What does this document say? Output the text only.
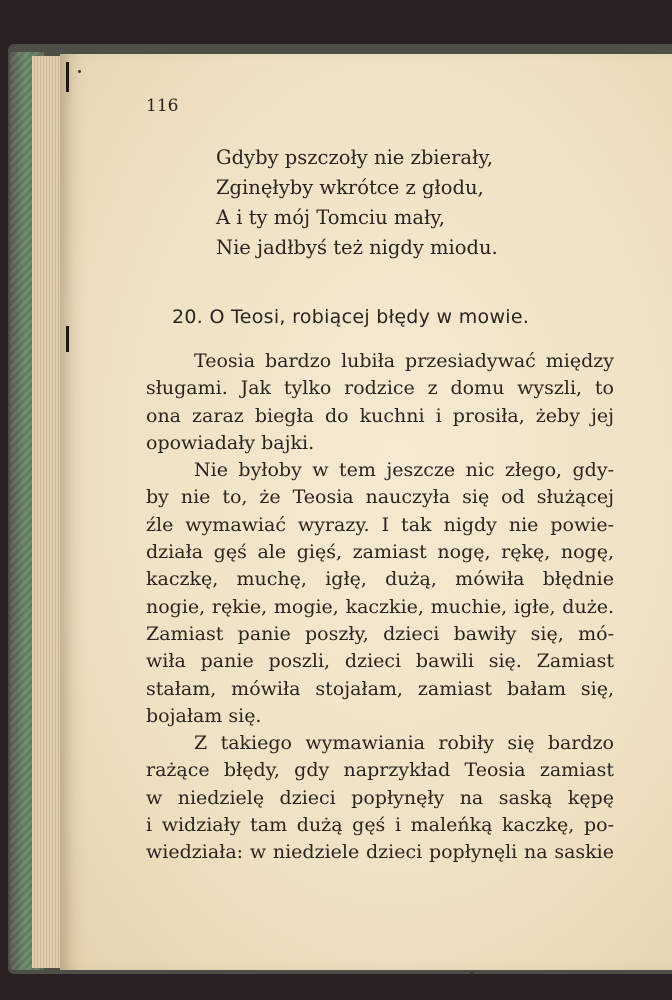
116
Gdyby pszczoły nie zbierały,
Zginęłyby wkrótce z głodu,
A i ty mój Tomciu mały,
Nie jadłbyś też nigdy miodu.
20. O Teosi, robiącej błędy w mowie.
Teosia bardzo lubiła przesiadywać między
sługami. Jak tylko rodzice z domu wyszli, to
ona zaraz biegła do kuchni i prosiła, żeby jej
opowiadały bajki.
Nie byłoby w tem jeszcze nic złego, gdy-
by nie to, że Teosia nauczyła się od służącej
źle wymawiać wyrazy. I tak nigdy nie powie-
działa gęś ale gięś, zamiast nogę, rękę, nogę,
kaczkę, muchę, igłę, dużą, mówiła błędnie
nogie, rękie, mogie, kaczkie, muchie, igłe, duże.
Zamiast panie poszły, dzieci bawiły się, mó-
wiła panie poszli, dzieci bawili się. Zamiast
stałam, mówiła stojałam, zamiast bałam się,
bojałam się.
Z takiego wymawiania robiły się bardzo
rażące błędy, gdy naprzykład Teosia zamiast
w niedzielę dzieci popłynęły na saską kępę
i widziały tam dużą gęś i maleńką kaczkę, po-
wiedziała: w niedziele dzieci popłynęli na saskie
